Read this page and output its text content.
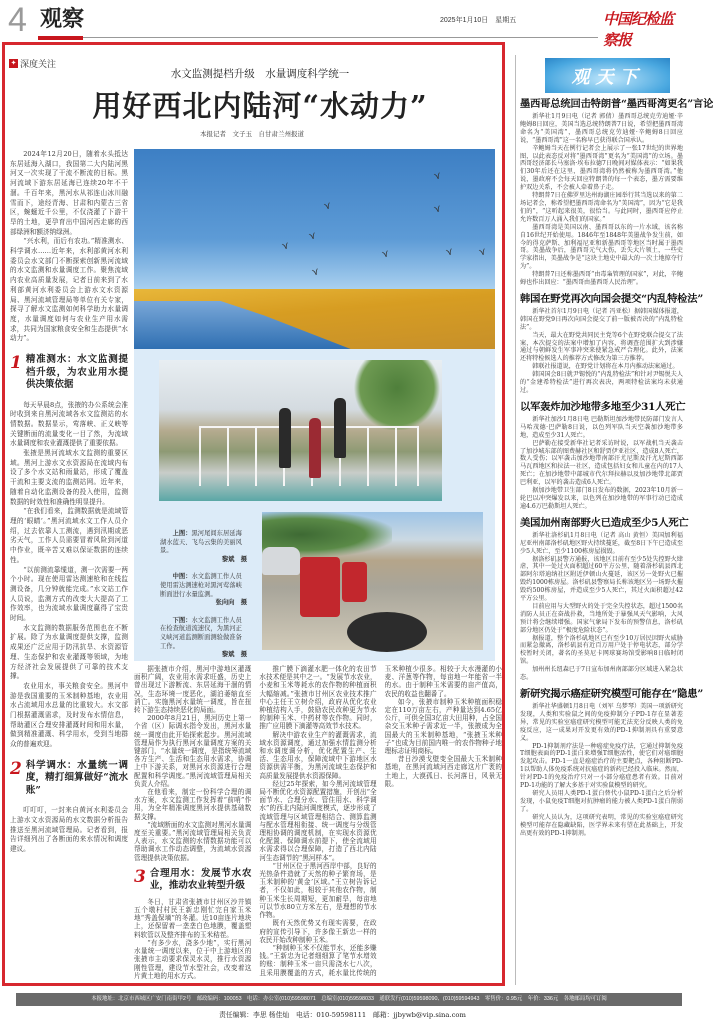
4 观察	2025年1月10日　星期五	中国纪检监察报
✦ 深度关注
水文监测提档升级　水量调度科学统一
用好西北内陆河“水动力”
本报记者　文子玉　自甘肃兰州报道
⋎
⋎
⋎
⋎
⋎
⋎
⋎	⋎ ⋎

上图：黑河尾闾东居延海湖水蓝天、飞鸟云集的美丽风景。
黎斌　摄

中图：水文监测工作人员使用雷达测速枪对黑河莺落峡断面进行水量监测。
张向向　摄

下图：水文监测工作人员在检查航道流速仪，为黑河正义峡河道监测断面测验做准备工作。
黎斌　摄

2024年12月20日，随着水头抵达东居延海入湖口，我国第二大内陆河黑河又一次实现了干流不断流的目标。黑河流域下游东居延海已连续20年不干涸。千百年来，黑河水从祁连山冰川融雪而下，途经青海、甘肃和内蒙古三省区，蜿蜒近千公里，不仅浇灌了下游干旱的土地，更孕育出中国河西走廊的西部绿洲和额济纳绿洲。

“兴水利，而后有农功。”精准测水、科学调水……近年来，水利部黄河水利委员会水文部门不断探索创新黑河流域的水文监测和水量调度工作。聚焦流域内农业高质量发展，记者日前来到了水利部黄河水利委员会上游水文水资源局、黑河流域管理局等单位有关专家，探寻了解水文监测如何科学助力水量调度，水量调度如何与农业生产用水需求，共同为国家粮食安全和生态提供“水动力”。

1 精准测水：水文监测提档升级，为农业用水提供决策依据

每天早晨8点，张掖的办公系统会准时收到来自黑河流域各水文监测站的水情数据。数据显示，莺落峡、正义峡等关键断面的流量变化一目了然，为流域水量调度和农业灌溉提供了重要依据。

张掖是黑河流域水文监测的重要区域。黑河上游水文水资源局在流域内布设了多个水文站和雨量站，形成了覆盖干流和主要支流的监测站网。近年来，随着自动化监测设备的投入使用，监测数据的时效性和准确性明显提升。

“在我们看来，监测数据就是流域管理的‘眼睛’。”黑河流域水文工作人员介绍，过去依靠人工测流，遇到汛期或恶劣天气，工作人员需要冒着风险到河道中作业，既辛苦又难以保证数据的连续性。

“以前测流靠缆道，测一次需要一两个小时。现在使用雷达测速枪和在线监测设备，几分钟就能完成。”水文站工作人员说，监测方式的改变大大提高了工作效率，也为流域水量调度赢得了宝贵时间。

水文监测的数据服务范围也在不断扩展。除了为水量调度提供支撑，监测成果还广泛应用于防汛抗旱、水资源管理、生态保护和农业灌溉等领域，为地方经济社会发展提供了可靠的技术支撑。

农业用水，事关粮食安全。黑河中游是我国重要的玉米制种基地，农业用水占流域用水总量的比重较大。水文部门根据灌溉需求，及时发布水情信息，帮助灌区合理安排灌溉时间和用水量，做到精准灌溉、科学用水，受到当地群众的普遍欢迎。

2 科学调水：水量统一调度，精打细算做好“流水账”

叮叮叮，一封来自黄河水利委员会上游水文水资源局的水文数据分析报告推送至黑河流域管理局。记者看到，报告详细列出了各断面的来水情况和调度建议。

据张掖市介绍，黑河中游地区灌溉面积广阔，农业用水需求旺盛，历史上曾出现过下游断流、东居延海干涸的情况，生态环境一度恶化，湖泊萎缩直至消亡。实施黑河水量统一调度，旨在扭转下游生态持续恶化的局面。

2000年8月21日，黑河历史上第一个省（区）际调水指令发出，黑河水量统一调度由此开始探索起步。黑河流域管理局作为执行黑河水量调度方案的关键部门，“水量统一调度，是指统筹流域各方生产、生活和生态用水需求，协调上中下游关系，对黑河水资源进行合理配置和科学调度。”黑河流域管理局相关负责人介绍。

在他看来，制定一份科学合理的调水方案，水文监测工作发挥着“前哨”作用，为全年精准调度黑河水提供基础数据支撑。

“流域断面的水文监测对黑河水量调度至关重要。”黑河流域管理局相关负责人表示，水文监测的水情数据功能可以帮助调水工作动态调整，为流域水资源管理提供决策依据。

3 合理用水：发展节水农业，推动农业转型升级

冬日，甘肃省张掖市甘州区沙井镇五个墩村村民王新忠刚忙完自家玉米地“秀盖保墒”的冬灌。近10亩连片地块上，还保留着一垄垄白色地膜，覆盖塑料软管以及整齐排布的玉米秸茬。

“有多少水，浇多少地”，实行黑河水量统一调度以来，位于中上游地区的张掖市主动要求保灵水灵，推行水资源刚性管理，建设节水型社会，改变着这片黄土地的用水方式。

推广膜下滴灌水肥一体化的农田节水技术便是其中之一。“发展节水农业，小麦和玉米等耗水的农作物的种植面积大幅缩减。”张掖市甘州区农业技术推广中心主任王立树介绍，政府从优化农业种植结构入手，鼓励农民改种更为节水的制种玉米、中药材等农作物。同时，推广应用膜下滴灌等高效节水技术。

解决中游农业生产的灌溉需求，流域水资源调度，通过加强水情监测分析和水调度调分析，优化配置生产、生活、生态用水，保障流域中下游地区水资源供需平衡，为黑河流域生态保护和高质量发展提供水资源保障。

经过25年探索，如今黑河流域管理局不断优化水资源配置措施，开创出“全面节水、合理分水、管住用水、科学调水”的西北内陆河调度模式，逐步形成了流域管理与区域管理相结合、测算监测与配水管理相衔接、统一调度与分级管理相协调的调度机制，在实现水资源优化配置、保障调水前提下，使全流域用水需求得以合理保障，打造了西北内陆河生态调节的“黑河样本”。

“甘州区位于黑河西岸中部，良好的光热条件造就了天然的种子繁育场，是玉米制种的‘黄金’区域。”王立树告诉记者，不仅如此，相较于其他农作物，制种玉米生长周期短，更加耐旱，每亩地可以节水80立方米左右，是理想的节水作物。

既有天然优势又有现实需要，在政府的宣传引导下，许多像王新忠一样的农民开始改种制种玉米。

“种制种玉米不仅能节水，还能多赚钱。”王新忠为记者细细算了笔节水增效的账：制种玉米一亩只需浇水七八次，且采用膜覆盖的方式，耗水量比传统的玉米种植少很多。相较于大水漫灌的小麦、洋葱等作物，每亩地一年能省一半的水。由于制种玉米需要的亩产值高，农民的收益也翻番了。

如今，张掖市制种玉米种植面积稳定在110万亩左右，产种量达到4.65亿公斤，可供全国3亿亩大田用种，占全国杂交玉米种子需求近一半，张掖成为全国最大的玉米制种基地，“张掖玉米种子”也成为目前国内唯一的农作物种子地理标志证明商标。

昔日沙漠戈壁变全国最大玉米制种基地，在黑河流域河西走廊这片广袤的土地上，大漠孤日、长河落日，风景无限。

观天下
墨西哥总统回击特朗普“墨西哥湾更名”言论

新华社1月9日电（记者 郭倩）墨西哥总统克劳迪娅·辛鲍姆8日回应，美国当选总统特朗普7日说，希望把墨西哥湾命名为“美国湾”，墨西哥总统克劳迪娅·辛鲍姆8日回应说，“墨西哥湾”这一名称早已获得联合国承认。

辛鲍姆当天在例行记者会上展示了一张17世纪的世界地图，以此表态反对将“墨西哥湾”更名为“美国湾”的立场。墨西哥经济部长马塞洛·埃布拉德7日晚间对媒体表示：“如果我们30年后还在这里，墨西哥湾将仍然被称为墨西哥湾。”他说，墨政府不会每天回应特朗普的每一个表态，墨方需要维护双边关系，不会被人牵着鼻子走。

特朗普7日在佛罗里达州海湖庄园举行其当选以来的第二场记者会，称希望把墨西哥湾命名为“美国湾”，因为“它是我们的”，“这听起来很美，很恰当。与此同时，墨西哥应停止允许数百万人涌入我们的国家。”

墨西哥湾是美国以南、墨西哥以东的一片水域，该名称自16世纪开始使用。1846年至1848年美墨战争发生前，如今的得克萨斯、加利福尼亚和新墨西哥等地区当时属于墨西哥。美墨战争后，墨西哥元气大伤，丢失大片领土，一些史学家指出，美墨战争是“这块土地史中最大的一次土地掠夺行为”。

特朗普7日还称墨西哥“由毒枭管理的国家”，对此，辛鲍姆也作出回应：“墨西哥由墨西哥人民治理”。

韩国在野党再次向国会提交“内乱特检法”

新华社首尔1月9日电（记者 冯亚松）据韩国媒体报道，韩国在野党9日再次向国会提交了前一版被否决的“内乱特检法”。

当天，最大在野党共同民主党等6个在野党联合提交了法案，本次提交的法案中增加了内容，将调查范围扩大到涉嫌通过与朝鲜发生军事冲突来使紧急戒严合理化。此外，法案还将特检候选人的推荐方式修改为第三方推荐。

韩联社报道说，在野党计划将在本月内推动法案通过。

韩国国会8日就尹锡悦的“内乱特检法”和针对尹锡悦夫人的“金建希特检法”进行再次表决，两项特检法案均未获通过。

以军轰炸加沙地带多地至少31人死亡

新华社加沙1月8日电 巴勒斯坦加沙地带民防部门发言人马哈茂德·巴萨勒8日说，以色列军队当天空袭加沙地带多地，造成至少31人死亡。

巴萨勒在接受新华社记者采访时说，以军战机当天袭击了加沙城东部的图费赫社区和舒贾伊亚社区，造成8人死亡，数人受伤；以军袭击加沙地带南部汗尤尼斯及汗尤尼斯西部马瓦西地区和拉法一社区，造成包括妇女和儿童在内的17人死亡；在加沙地带中部城市代尔拜拉赫以及加沙地带北部贾巴利亚，以军的袭击造成6人死亡。

据加沙地带卫生部门8日发布的数据，2023年10月新一轮巴以冲突爆发以来，以色列在加沙地带的军事行动已造成逾4.6万巴勒斯坦人死亡。

美国加州南部野火已造成至少5人死亡

新华社洛杉矶1月8日电（记者 高山 黄恒）美国加利福尼亚州南部洛杉矶地区野火持续蔓延，截至8日下午已造成至少5人死亡，至少1100栋房屋损毁。

据洛杉矶县警方通报，该地区目前有至少5处失控野火肆虐，其中一处过火面积超过60平方公里，随着洛杉矶县西北部阿尔塔迪纳社区附近伊顿山火蔓延，该区另一处野火已摧毁约1000栋房屋。洛杉矶县警察局长称该地区另一场野火摧毁约500栋房屋，并造成至少5人死亡，其过火面积超过42平方公里。

目前应用与大型野火的处于完全失控状态，超过1500名消防人员正在奋战扑救，当地所处于暴强风天气影响，大风预计将会继续增强。国家气象局下发布的预警信息，洛杉矶部分地区仍处于“极度危险状态”。

据报道，整个洛杉矶地区已有至少10万居民因野火威胁而紧急撤离，洛杉矶县有近百万用户处于停电状态，部分学校暂时关闭，著名的圣莫尼卡网球赛场馆受影响8日临时闭馆。

加州州长纽森已于7日宣布加州南部部分区域进入紧急状态。

新研究揭示癌症研究模型可能存在“隐患”

新华社华盛顿1月8日电（刘军 乌梦琴）美国一项新研究发现，人类和实验鼠之间的免疫抑制分子PD-1存在显著差异，常见的实验室癌症研究模型可能无法充分反映人类的免疫反应，这一成果对开发更有效的PD-1抑制剂具有重要意义。

PD-1抑制剂疗法是一种癌症免疫疗法，它通过抑制免疫T细胞表面的PD-1蛋白来增强T细胞活性，使它们对癌细胞发起攻击。PD-1一直是癌症治疗的主要靶点，各种阻断PD-1以帮助人体免疫系统对抗癌症的新药已经投入临床。然而，针对PD-1的免疫治疗只对一小部分癌症患者有效。目前对PD-1功能的了解大多基于对实验鼠模型的研究。

研究人员用人类PD-1蛋白替代小鼠PD-1蛋白之后分析发现，小鼠免疫T细胞对抗肿瘤的能力被人类PD-1蛋白削弱了。

研究人员认为，这项研究表明，常见的实验室癌症研究模型可能存在隐藏缺陷，医学界未来有望在此基础上，开发出更有效的PD-1抑制剂。

本报地址：北京市西城区广安门南街甲2号　邮政编码：100053　电话：办公室(010)59598071　总编室(010)59598033　通联发行(010)59598090、(010)59594943　零售价：0.95元　年价：336元　各地邮局均可订阅
责任编辑：李思 杨佳灿　电话：010-59598111　邮箱：jjbywb@vip.sina.com
